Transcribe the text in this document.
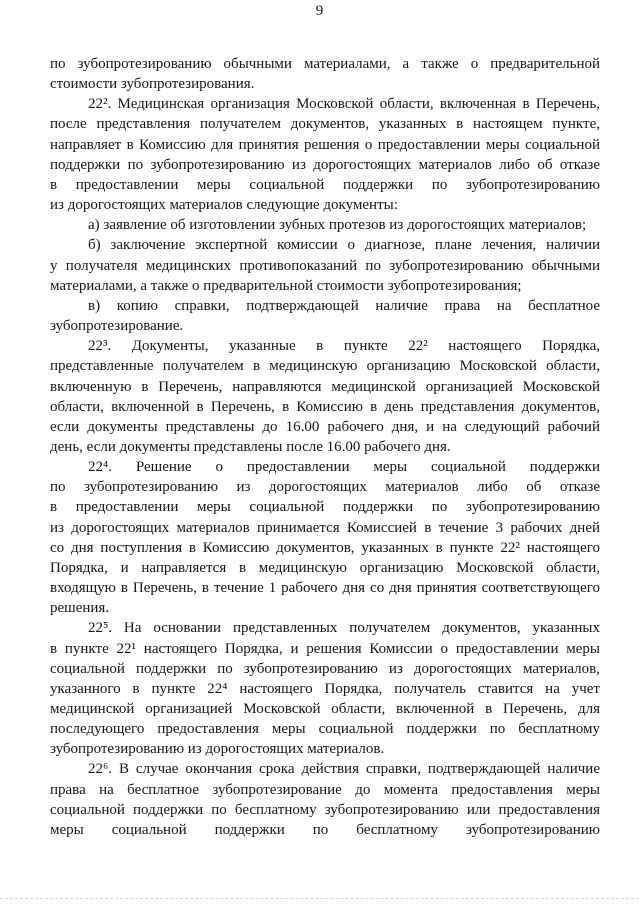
9
по зубопротезированию обычными материалами, а также о предварительной
стоимости зубопротезирования.
22². Медицинская организация Московской области, включенная в Перечень,
после представления получателем документов, указанных в настоящем пункте,
направляет в Комиссию для принятия решения о предоставлении меры социальной
поддержки по зубопротезированию из дорогостоящих материалов либо об отказе
в предоставлении меры социальной поддержки по зубопротезированию
из дорогостоящих материалов следующие документы:
а) заявление об изготовлении зубных протезов из дорогостоящих материалов;
б) заключение экспертной комиссии о диагнозе, плане лечения, наличии
у получателя медицинских противопоказаний по зубопротезированию обычными
материалами, а также о предварительной стоимости зубопротезирования;
в) копию справки, подтверждающей наличие права на бесплатное
зубопротезирование.
22³. Документы, указанные в пункте 22² настоящего Порядка,
представленные получателем в медицинскую организацию Московской области,
включенную в Перечень, направляются медицинской организацией Московской
области, включенной в Перечень, в Комиссию в день представления документов,
если документы представлены до 16.00 рабочего дня, и на следующий рабочий
день, если документы представлены после 16.00 рабочего дня.
22⁴. Решение о предоставлении меры социальной поддержки
по зубопротезированию из дорогостоящих материалов либо об отказе
в предоставлении меры социальной поддержки по зубопротезированию
из дорогостоящих материалов принимается Комиссией в течение 3 рабочих дней
со дня поступления в Комиссию документов, указанных в пункте 22² настоящего
Порядка, и направляется в медицинскую организацию Московской области,
входящую в Перечень, в течение 1 рабочего дня со дня принятия соответствующего
решения.
22⁵. На основании представленных получателем документов, указанных
в пункте 22¹ настоящего Порядка, и решения Комиссии о предоставлении меры
социальной поддержки по зубопротезированию из дорогостоящих материалов,
указанного в пункте 22⁴ настоящего Порядка, получатель ставится на учет
медицинской организацией Московской области, включенной в Перечень, для
последующего предоставления меры социальной поддержки по бесплатному
зубопротезированию из дорогостоящих материалов.
22⁶. В случае окончания срока действия справки, подтверждающей наличие
права на бесплатное зубопротезирование до момента предоставления меры
социальной поддержки по бесплатному зубопротезированию или предоставления
меры социальной поддержки по бесплатному зубопротезированию
